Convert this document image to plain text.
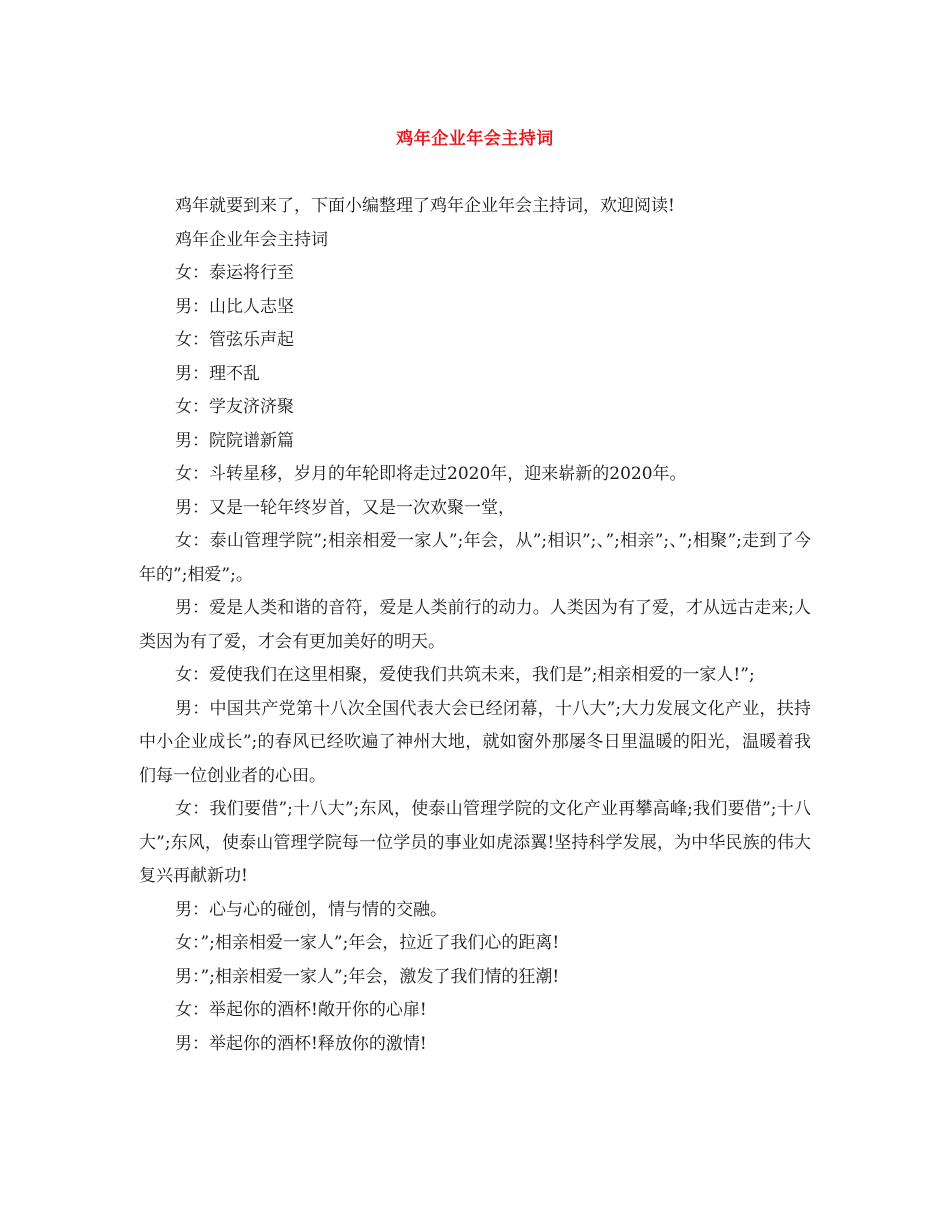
鸡年企业年会主持词

鸡年就要到来了，下面小编整理了鸡年企业年会主持词，欢迎阅读!

鸡年企业年会主持词

女：泰运将行至

男：山比人志坚

女：管弦乐声起

男：理不乱

女：学友济济聚

男：院院谱新篇

女：斗转星移，岁月的年轮即将走过2020年，迎来崭新的2020年。

男：又是一轮年终岁首，又是一次欢聚一堂，

女：泰山管理学院”;相亲相爱一家人”;年会，从”;相识”;、”;相亲”;、”;相聚”;走到了今年的”;相爱”;。

男：爱是人类和谐的音符，爱是人类前行的动力。人类因为有了爱，才从远古走来;人类因为有了爱，才会有更加美好的明天。

女：爱使我们在这里相聚，爱使我们共筑未来，我们是”;相亲相爱的一家人!”;

男：中国共产党第十八次全国代表大会已经闭幕，十八大”;大力发展文化产业，扶持中小企业成长”;的春风已经吹遍了神州大地，就如窗外那屡冬日里温暖的阳光，温暖着我们每一位创业者的心田。

女：我们要借”;十八大”;东风，使泰山管理学院的文化产业再攀高峰;我们要借”;十八大”;东风，使泰山管理学院每一位学员的事业如虎添翼!坚持科学发展，为中华民族的伟大复兴再献新功!

男：心与心的碰创，情与情的交融。

女：”;相亲相爱一家人”;年会，拉近了我们心的距离!

男：”;相亲相爱一家人”;年会，激发了我们情的狂潮!

女：举起你的酒杯!敞开你的心扉!

男：举起你的酒杯!释放你的激情!
